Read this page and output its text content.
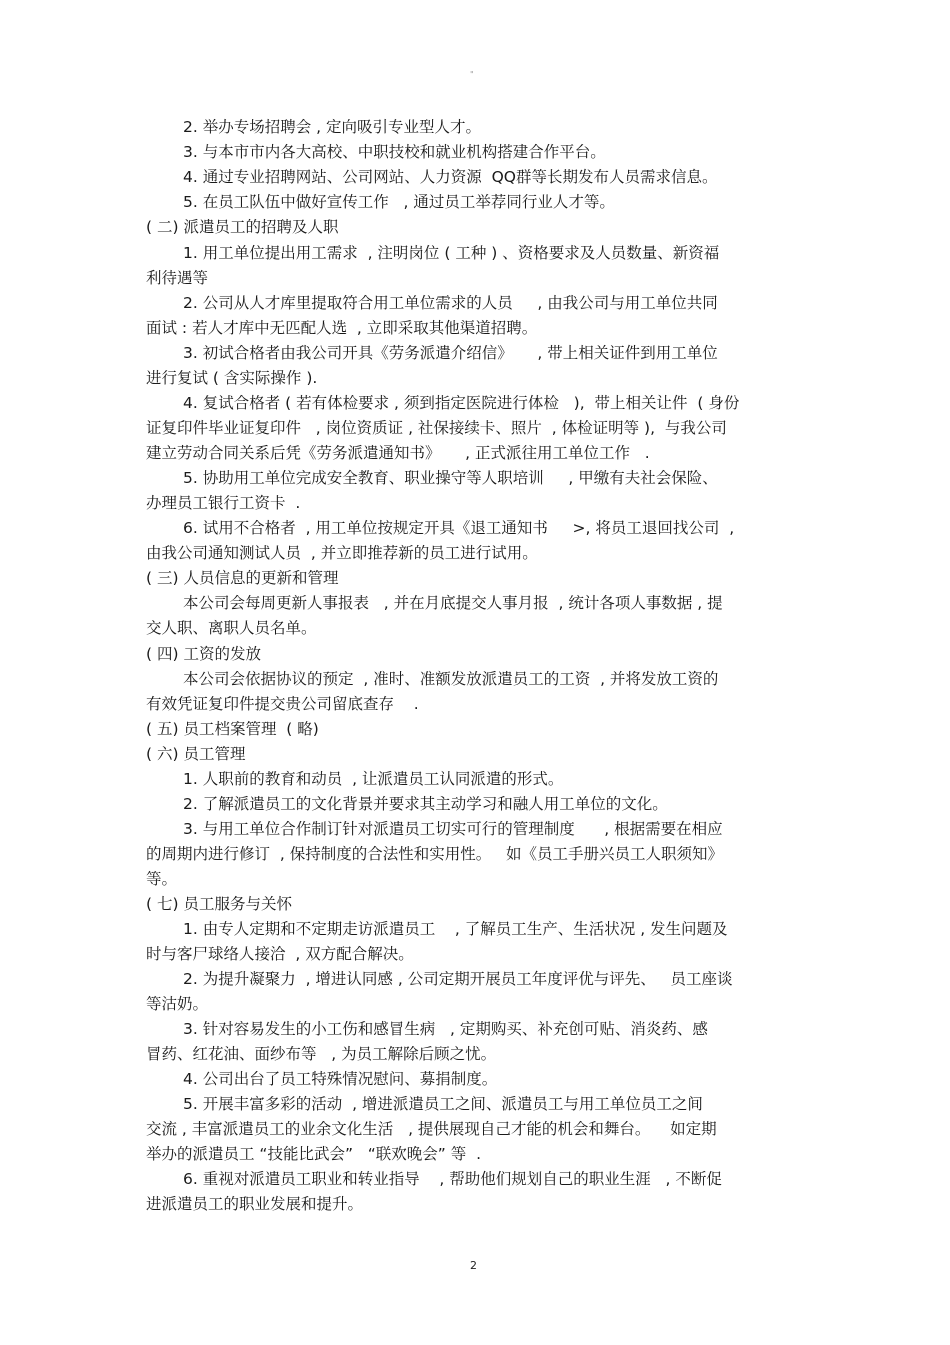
"
2. 举办专场招聘会 , 定向吸引专业型人才。
3. 与本市市内各大高校、中职技校和就业机构搭建合作平台。
4. 通过专业招聘网站、公司网站、人力资源  QQ群等长期发布人员需求信息。
5. 在员工队伍中做好宣传工作   , 通过员工举荐同行业人才等。
( 二) 派遣员工的招聘及人职
1. 用工单位提出用工需求  , 注明岗位 ( 工种 ) 、资格要求及人员数量、新资福
利待遇等
2. 公司从人才库里提取符合用工单位需求的人员     , 由我公司与用工单位共同
面试 : 若人才库中无匹配人选  , 立即采取其他渠道招聘。
3. 初试合格者由我公司开具《劳务派遣介绍信》     , 带上相关证件到用工单位
进行复试 ( 含实际操作 ).
4. 复试合格者 ( 若有体检要求 , 须到指定医院进行体检   ),  带上相关让件  ( 身份
证复印件毕业证复印件   , 岗位资质证 , 社保接续卡、照片  , 体检证明等 ),  与我公司
建立劳动合同关系后凭《劳务派遣通知书》     , 正式派往用工单位工作   .
5. 协助用工单位完成安全教育、职业操守等人职培训     , 甲缴有夫社会保险、
办理员工银行工资卡  .
6. 试用不合格者  , 用工单位按规定开具《退工通知书     >, 将员工退回找公司  ,
由我公司通知测试人员  , 并立即推荐新的员工进行试用。
( 三) 人员信息的更新和管理
本公司会每周更新人事报表   , 并在月底提交人事月报  , 统计各项人事数据 , 提
交人职、离职人员名单。
( 四) 工资的发放
本公司会依据协议的预定  , 准时、准额发放派遣员工的工资  , 并将发放工资的
有效凭证复印件提交贵公司留底查存    .
( 五) 员工档案管理  ( 略)
( 六) 员工管理
1. 人职前的教育和动员  , 让派遣员工认同派遣的形式。
2. 了解派遣员工的文化背景并要求其主动学习和融人用工单位的文化。
3. 与用工单位合作制订针对派遣员工切实可行的管理制度      , 根据需要在相应
的周期内进行修订  , 保持制度的合法性和实用性。   如《员工手册兴员工人职须知》
等。
( 七) 员工服务与关怀
1. 由专人定期和不定期走访派遣员工    , 了解员工生产、生活状况 , 发生问题及
时与客尸球络人接洽  , 双方配合解决。
2. 为提升凝聚力  , 增进认同感 , 公司定期开展员工年度评优与评先、   员工座谈
等沽奶。
3. 针对容易发生的小工伤和感冒生病   , 定期购买、补充创可贴、消炎药、感
冒药、红花油、面纱布等   , 为员工解除后顾之忧。
4. 公司出台了员工特殊情况慰问、募捐制度。
5. 开展丰富多彩的活动  , 增进派遣员工之间、派遣员工与用工单位员工之间
交流 , 丰富派遣员工的业余文化生活   , 提供展现自己才能的机会和舞台。    如定期
举办的派遣员工 “技能比武会”   “联欢晚会” 等  .
6. 重视对派遣员工职业和转业指导    , 帮助他们规划自己的职业生涯   , 不断促
进派遣员工的职业发展和提升。
2
